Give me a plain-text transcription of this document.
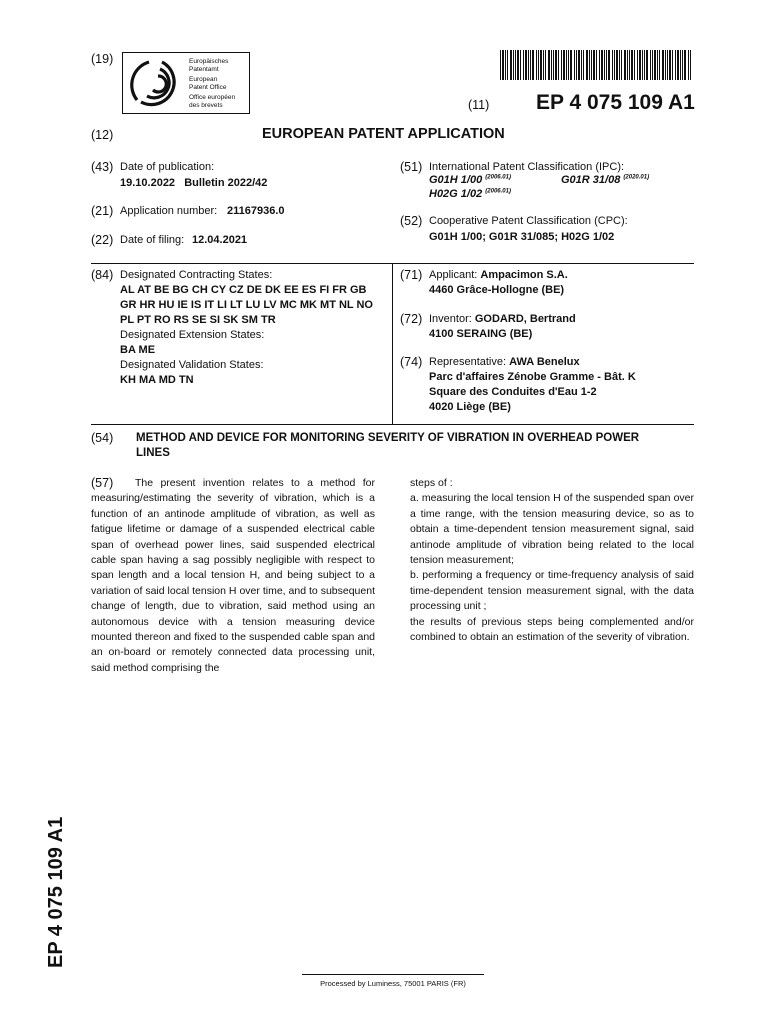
(19)	Europäisches
Patentamt
European
Patent Office
Office européen
des brevets	(11) EP 4 075 109 A1
(12)	EUROPEAN PATENT APPLICATION
(43) Date of publication:
19.10.2022   Bulletin 2022/42
(21) Application number: 21167936.0
(22) Date of filing: 12.04.2021
(51) International Patent Classification (IPC):
G01H 1/00 $^{(2006.01)}$	G01R 31/08 $^{(2020.01)}$
H02G 1/02 $^{(2006.01)}$
(52) Cooperative Patent Classification (CPC):
G01H 1/00; G01R 31/085; H02G 1/02
(84) Designated Contracting States:
AL AT BE BG CH CY CZ DE DK EE ES FI FR GB
GR HR HU IE IS IT LI LT LU LV MC MK MT NL NO
PL PT RO RS SE SI SK SM TR
Designated Extension States:
BA ME
Designated Validation States:
KH MA MD TN
(71) Applicant: Ampacimon S.A.
4460 Grâce-Hollogne (BE)
(72) Inventor: GODARD, Bertrand
4100 SERAING (BE)
(74) Representative: AWA Benelux
Parc d'affaires Zénobe Gramme - Bât. K
Square des Conduites d'Eau 1-2
4020 Liège (BE)
(54) METHOD AND DEVICE FOR MONITORING SEVERITY OF VIBRATION IN OVERHEAD POWER
LINES
(57)	The present invention relates to a method for measuring/estimating the severity of vibration, which is a function of an antinode amplitude of vibration, as well as fatigue lifetime or damage of a suspended electrical cable span of overhead power lines, said suspended electrical cable span having a sag possibly negligible with respect to span length and a local tension H, and being subject to a variation of said local tension H over time, and to subsequent change of length, due to vibration, said method using an autonomous device with a tension measuring device mounted thereon and fixed to the suspended cable span and an on-board or remotely connected data processing unit, said method comprising the

steps of :

a. measuring the local tension H of the suspended span over a time range, with the tension measuring device, so as to obtain a time-dependent tension measurement signal, said antinode amplitude of vibration being related to the local tension measurement;

b. performing a frequency or time-frequency analysis of said time-dependent tension measurement signal, with the data processing unit ;

the results of previous steps being complemented and/or combined to obtain an estimation of the severity of vibration.

EP 4 075 109 A1
Processed by Luminess, 75001 PARIS (FR)
